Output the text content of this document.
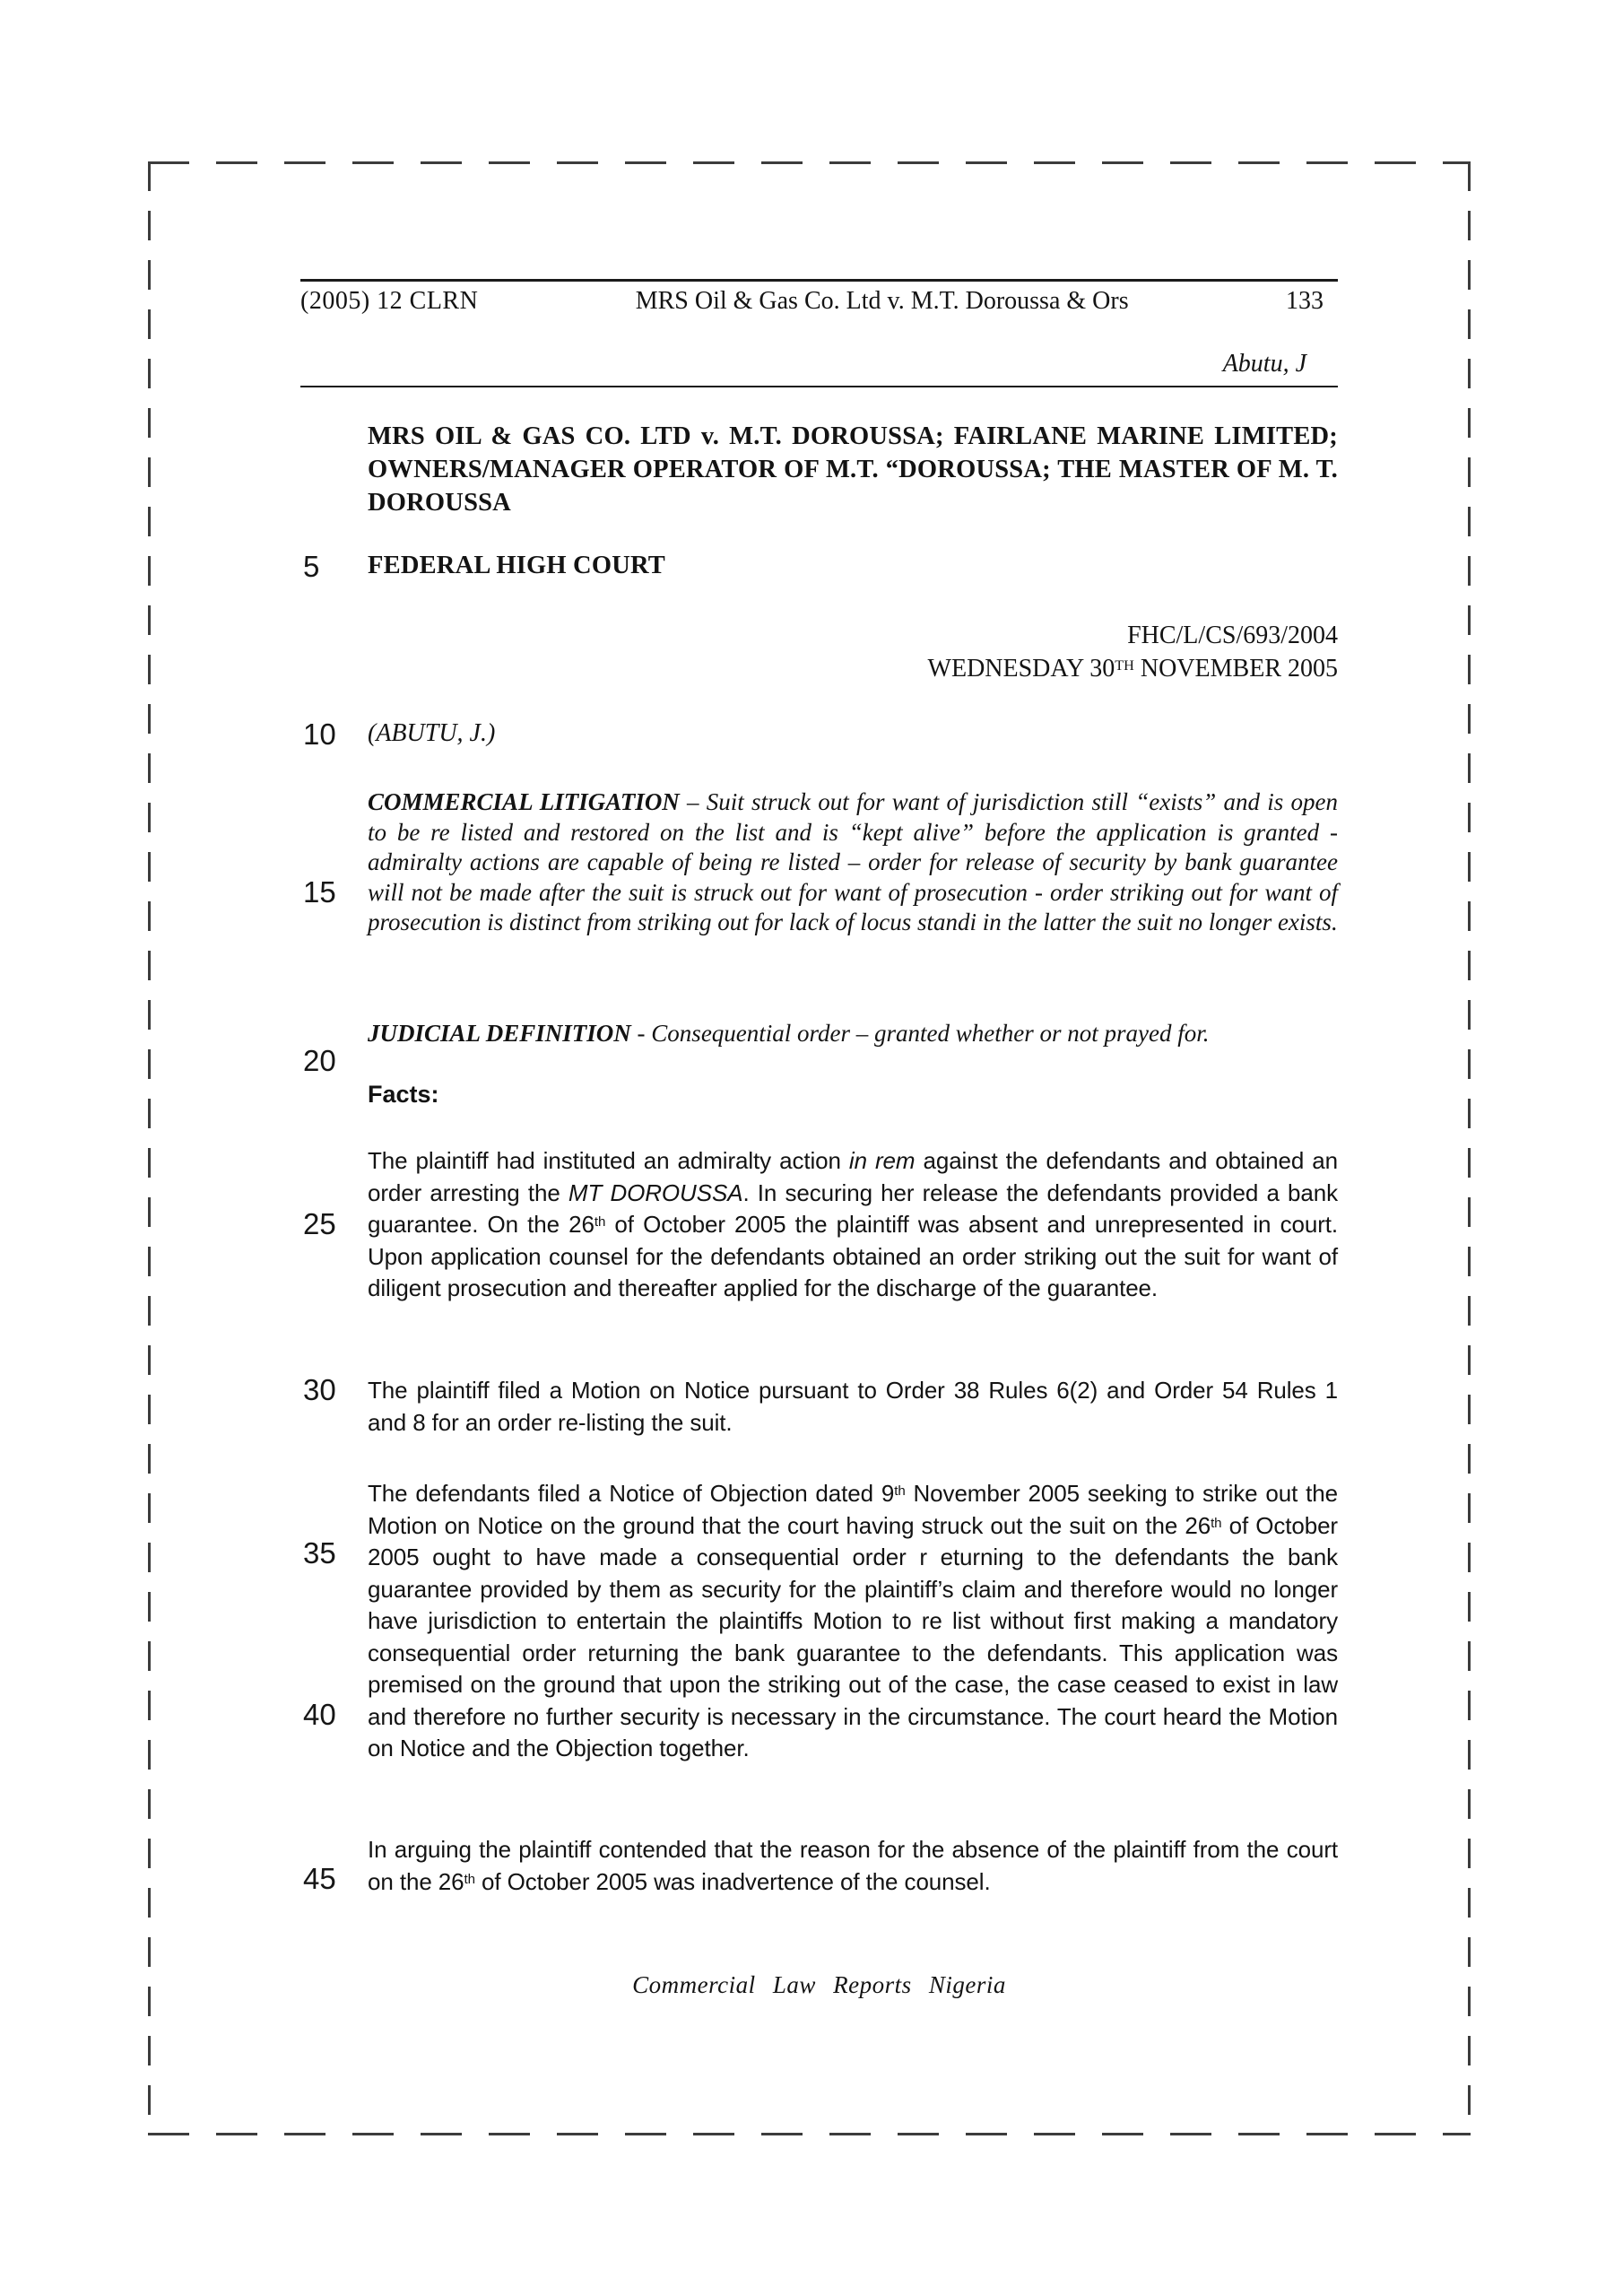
(2005) 12 CLRN	MRS Oil & Gas Co. Ltd v. M.T. Doroussa & Ors	133
Abutu, J
MRS OIL & GAS CO. LTD v. M.T. DOROUSSA; FAIRLANE MARINE LIMITED; OWNERS/MANAGER OPERATOR OF M.T. “DOROUSSA; THE MASTER OF M. T. DOROUSSA
FEDERAL HIGH COURT
FHC/L/CS/693/2004
WEDNESDAY 30TH NOVEMBER 2005
(ABUTU, J.)
COMMERCIAL LITIGATION – Suit struck out for want of jurisdiction still “exists” and is open to be re listed and restored on the list and is “kept alive” before the application is granted - admiralty actions are capable of being re listed – order for release of security by bank guarantee will not be made after the suit is struck out for want of prosecution - order striking out for want of prosecution is distinct from striking out for lack of locus standi in the latter the suit no longer exists.
JUDICIAL DEFINITION - Consequential order – granted whether or not prayed for.
Facts:
The plaintiff had instituted an admiralty action in rem against the defendants and obtained an order arresting the MT DOROUSSA. In securing her release the defendants provided a bank guarantee. On the 26th of October 2005 the plaintiff was absent and unrepresented in court. Upon application counsel for the defendants obtained an order striking out the suit for want of diligent prosecution and thereafter applied for the discharge of the guarantee.
The plaintiff filed a Motion on Notice pursuant to Order 38 Rules 6(2) and Order 54 Rules 1 and 8 for an order re-listing the suit.
The defendants filed a Notice of Objection dated 9th November 2005 seeking to strike out the Motion on Notice on the ground that the court having struck out the suit on the 26th of October 2005 ought to have made a consequential order r eturning to the defendants the bank guarantee provided by them as security for the plaintiff’s claim and therefore would no longer have jurisdiction to entertain the plaintiffs Motion to re list without first making a mandatory consequential order returning the bank guarantee to the defendants. This application was premised on the ground that upon the striking out of the case, the case ceased to exist in law and therefore no further security is necessary in the circumstance. The court heard the Motion on Notice and the Objection together.
In arguing the plaintiff contended that the reason for the absence of the plaintiff from the court on the 26th of October 2005 was inadvertence of the counsel.
5
10
15
20
25
30
35
40
45
Commercial Law Reports Nigeria
